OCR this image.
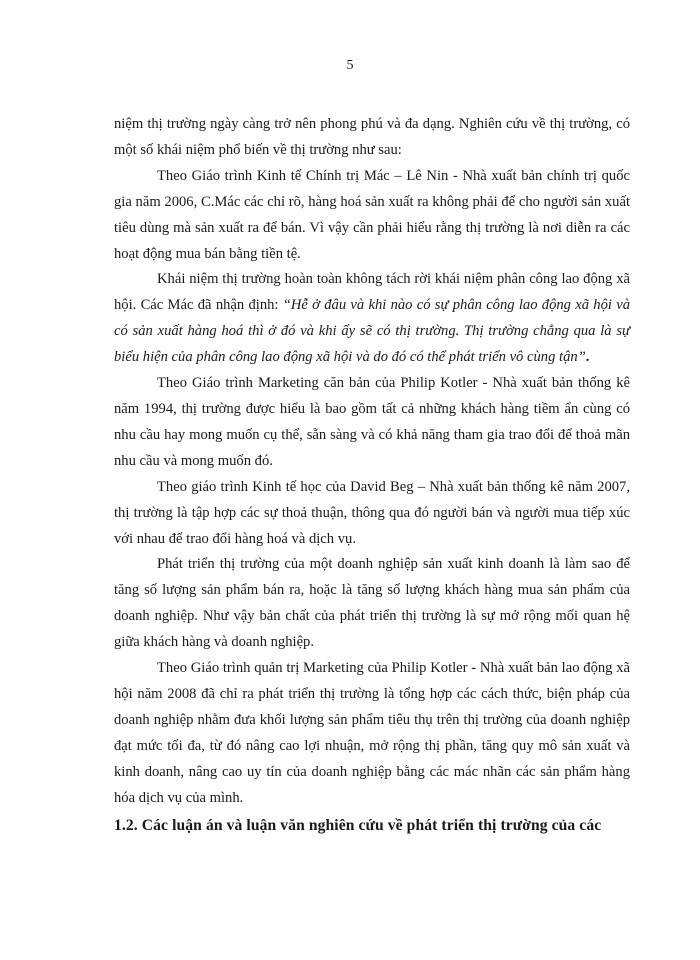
5

niệm thị trường ngày càng trở nên phong phú và đa dạng. Nghiên cứu về thị trường, có một số khái niệm phổ biến về thị trường như sau:

Theo Giáo trình Kinh tế Chính trị Mác – Lê Nin - Nhà xuất bản chính trị quốc gia năm 2006, C.Mác các chỉ rõ, hàng hoá sản xuất ra không phải để cho người sản xuất tiêu dùng mà sản xuất ra để bán. Vì vậy cần phải hiểu rằng thị trường là nơi diễn ra các hoạt động mua bán bằng tiền tệ.

Khái niệm thị trường hoàn toàn không tách rời khái niệm phân công lao động xã hội. Các Mác đã nhận định: “Hễ ở đâu và khi nào có sự phân công lao động xã hội và có sản xuất hàng hoá thì ở đó và khi ấy sẽ có thị trường. Thị trường chẳng qua là sự biểu hiện của phân công lao động xã hội và do đó có thể phát triển vô cùng tận”.

Theo Giáo trình Marketing căn bản của Philip Kotler - Nhà xuất bản thống kê năm 1994, thị trường được hiểu là bao gồm tất cả những khách hàng tiềm ẩn cùng có nhu cầu hay mong muốn cụ thể, sẵn sàng và có khả năng tham gia trao đổi để thoả mãn nhu cầu và mong muốn đó.

Theo giáo trình Kinh tế học của David Beg – Nhà xuất bản thống kê năm 2007, thị trường là tập hợp các sự thoả thuận, thông qua đó người bán và người mua tiếp xúc với nhau để trao đổi hàng hoá và dịch vụ.

Phát triển thị trường của một doanh nghiệp sản xuất kinh doanh là làm sao để tăng số lượng sản phẩm bán ra, hoặc là tăng số lượng khách hàng mua sản phẩm của doanh nghiệp. Như vậy bản chất của phát triển thị trường là sự mở rộng mối quan hệ giữa khách hàng và doanh nghiệp.

Theo Giáo trình quản trị Marketing của Philip Kotler - Nhà xuất bản lao động xã hội năm 2008 đã chỉ ra phát triển thị trường là tổng hợp các cách thức, biện pháp của doanh nghiệp nhằm đưa khối lượng sản phẩm tiêu thụ trên thị trường của doanh nghiệp đạt mức tối đa, từ đó nâng cao lợi nhuận, mở rộng thị phần, tăng quy mô sản xuất và kinh doanh, nâng cao uy tín của doanh nghiệp bằng các mác nhãn các sản phẩm hàng hóa dịch vụ của mình.

1.2. Các luận án và luận văn nghiên cứu về phát triển thị trường của các
